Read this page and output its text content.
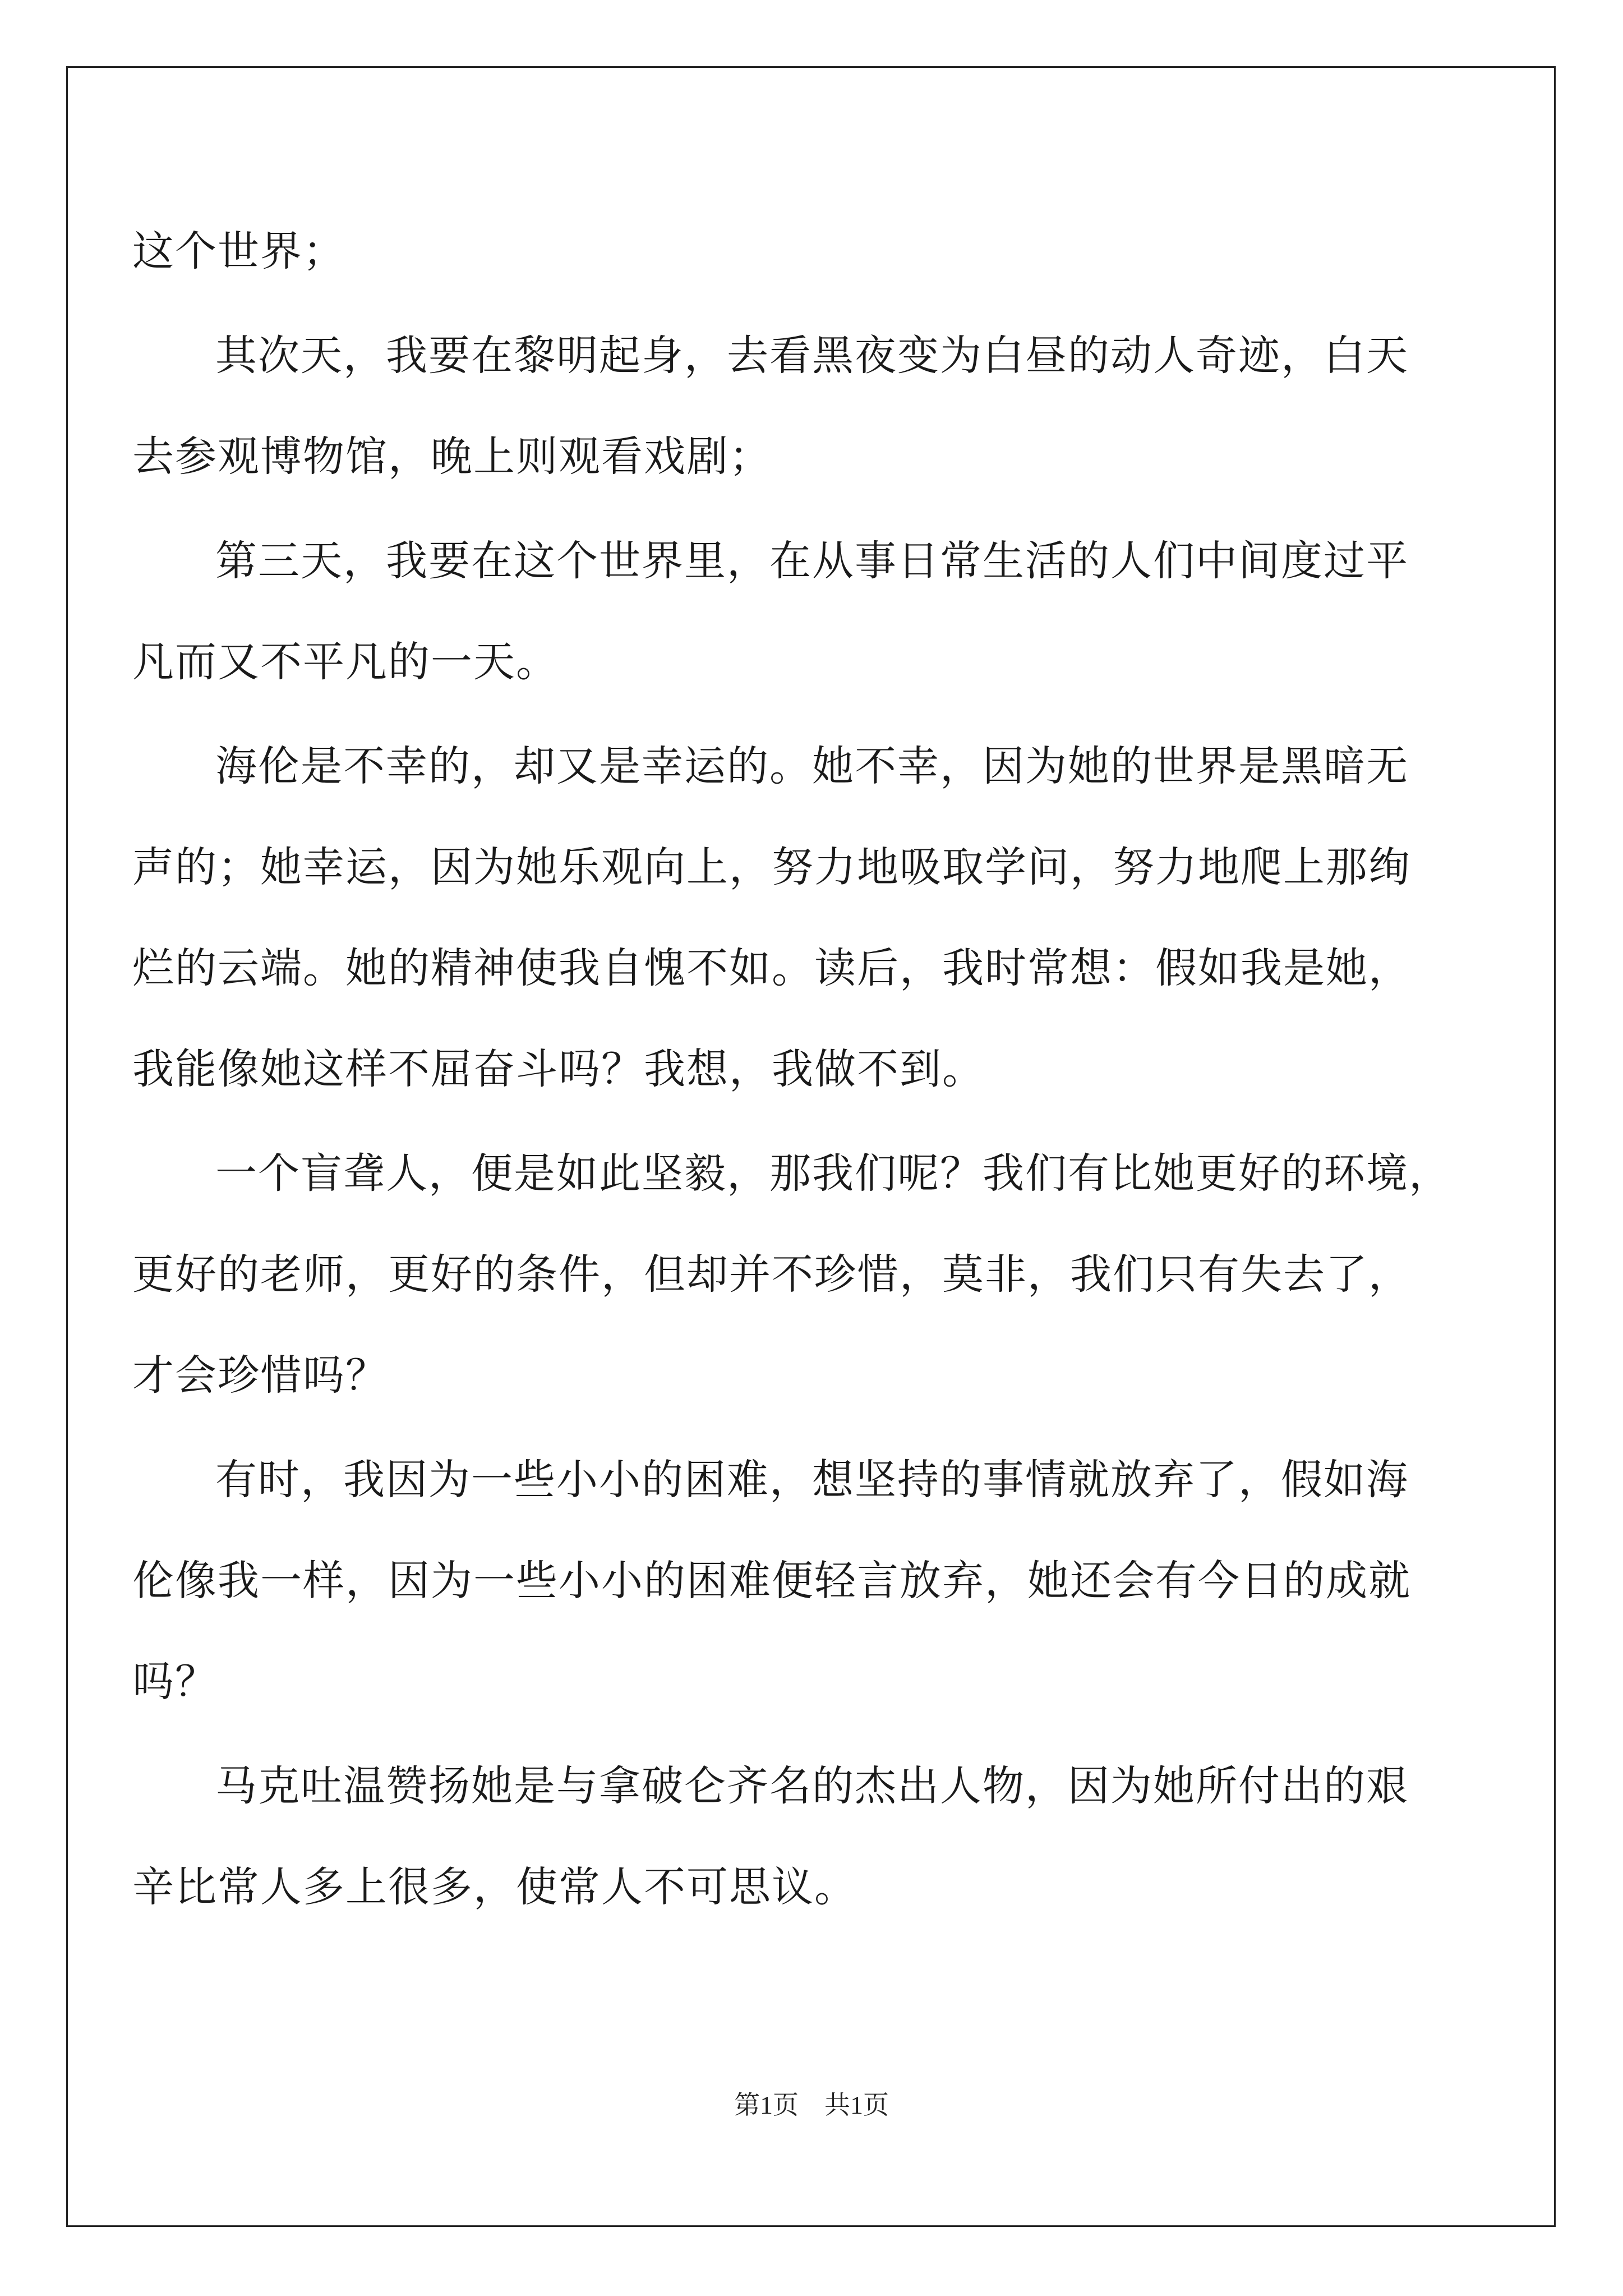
这个世界；
其次天，我要在黎明起身，去看黑夜变为白昼的动人奇迹，白天
去参观博物馆，晚上则观看戏剧；
第三天，我要在这个世界里，在从事日常生活的人们中间度过平
凡而又不平凡的一天。
海伦是不幸的，却又是幸运的。她不幸，因为她的世界是黑暗无
声的；她幸运，因为她乐观向上，努力地吸取学问，努力地爬上那绚
烂的云端。她的精神使我自愧不如。读后，我时常想：假如我是她，
我能像她这样不屈奋斗吗？我想，我做不到。
一个盲聋人，便是如此坚毅，那我们呢？我们有比她更好的环境，
更好的老师，更好的条件，但却并不珍惜，莫非，我们只有失去了，
才会珍惜吗？
有时，我因为一些小小的困难，想坚持的事情就放弃了，假如海
伦像我一样，因为一些小小的困难便轻言放弃，她还会有今日的成就
吗？
马克吐温赞扬她是与拿破仑齐名的杰出人物，因为她所付出的艰
辛比常人多上很多，使常人不可思议。
第1页　共1页
